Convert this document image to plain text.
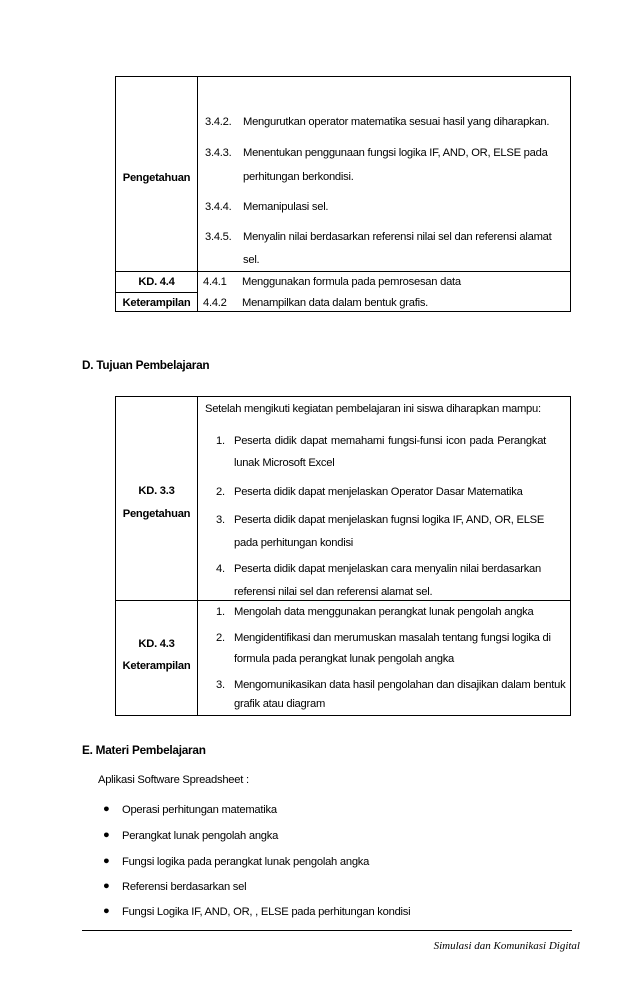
Pengetahuan
3.4.2. Mengurutkan operator matematika sesuai hasil yang diharapkan.
3.4.3. Menentukan penggunaan fungsi logika IF, AND, OR, ELSE pada
perhitungan berkondisi.
3.4.4. Memanipulasi sel.
3.4.5. Menyalin nilai berdasarkan referensi nilai sel dan referensi alamat
sel.
KD. 4.4
Keterampilan
4.4.1 Menggunakan formula pada pemrosesan data
4.4.2 Menampilkan data dalam bentuk grafis.
D. Tujuan Pembelajaran
Setelah mengikuti kegiatan pembelajaran ini siswa diharapkan mampu:
KD. 3.3
Pengetahuan
1. Peserta didik dapat memahami fungsi-funsi icon pada Perangkat
lunak Microsoft Excel
2. Peserta didik dapat menjelaskan Operator Dasar Matematika
3. Peserta didik dapat menjelaskan fugnsi logika IF, AND, OR, ELSE
pada perhitungan kondisi
4. Peserta didik dapat menjelaskan cara menyalin nilai berdasarkan
referensi nilai sel dan referensi alamat sel.
KD. 4.3
Keterampilan
1. Mengolah data menggunakan perangkat lunak pengolah angka
2. Mengidentifikasi dan merumuskan masalah tentang fungsi logika di
formula pada perangkat lunak pengolah angka
3. Mengomunikasikan data hasil pengolahan dan disajikan dalam bentuk
grafik atau diagram
E. Materi Pembelajaran
Aplikasi Software Spreadsheet :
● Operasi perhitungan matematika
● Perangkat lunak pengolah angka
● Fungsi logika pada perangkat lunak pengolah angka
● Referensi berdasarkan sel
● Fungsi Logika IF, AND, OR, , ELSE pada perhitungan kondisi
Simulasi dan Komunikasi Digital
